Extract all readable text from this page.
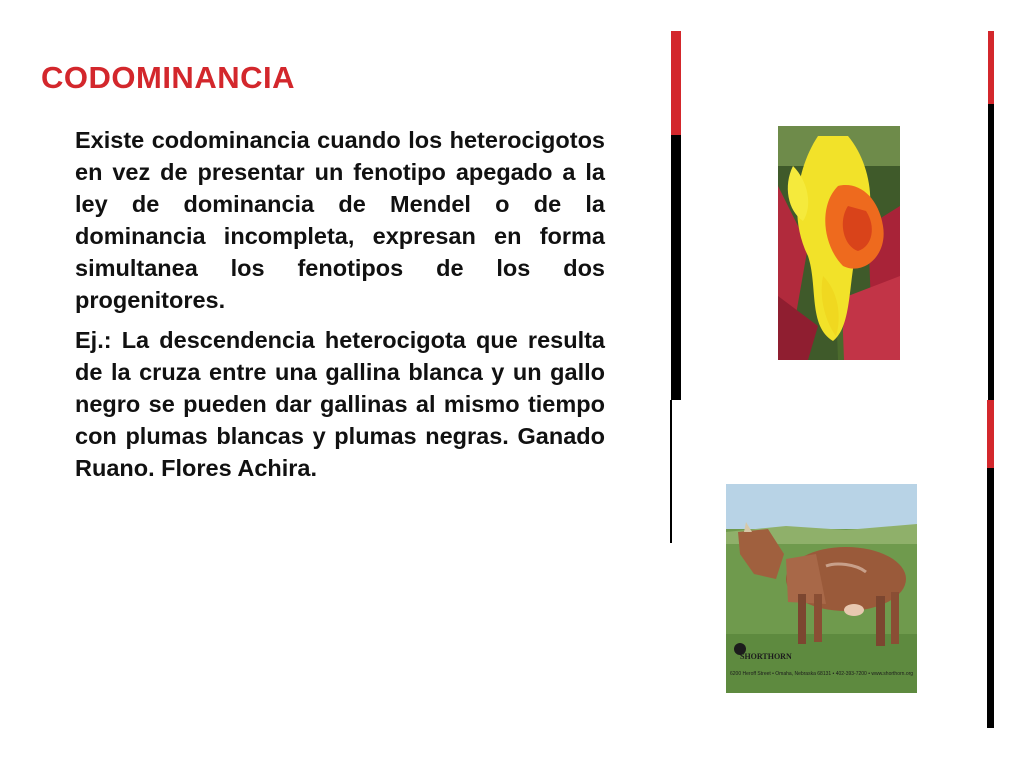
CODOMINANCIA

Existe codominancia cuando los heterocigotos en vez de presentar un fenotipo apegado a la ley de dominancia de Mendel o de la dominancia incompleta, expresan en forma simultanea los fenotipos de los dos progenitores.

Ej.: La descendencia heterocigota que resulta de la cruza entre una gallina blanca y un gallo negro se pueden dar gallinas al mismo tiempo con plumas blancas y plumas negras. Ganado Ruano. Flores Achira.

SHORTHORN
6200 Heroff Street • Omaha, Nebraska 68131 • 402-393-7200 • www.shorthorn.org
